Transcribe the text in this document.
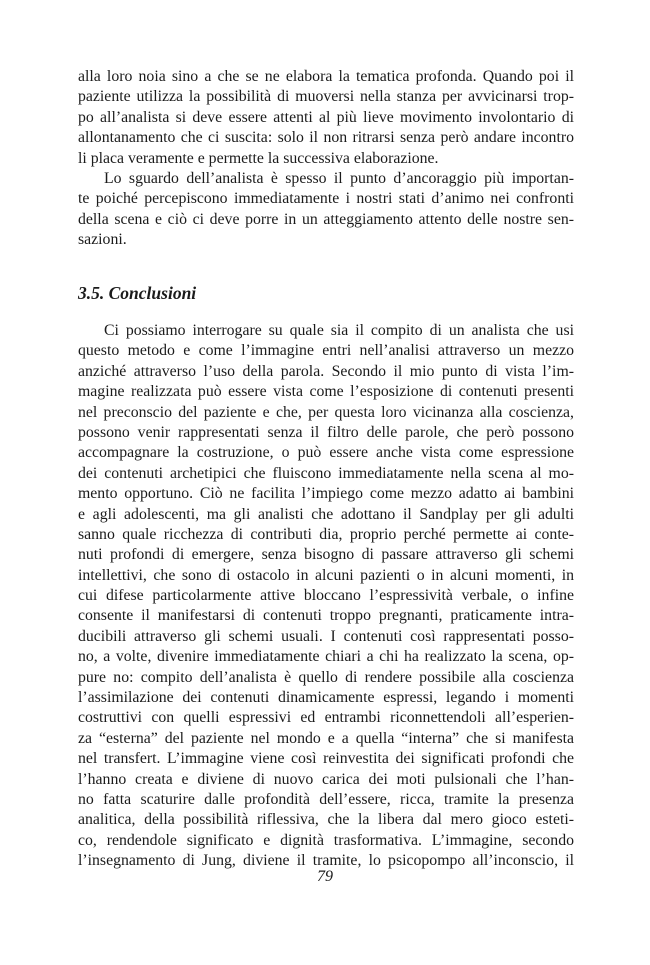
alla loro noia sino a che se ne elabora la tematica profonda. Quando poi il
paziente utilizza la possibilità di muoversi nella stanza per avvicinarsi trop-
po all’analista si deve essere attenti al più lieve movimento involontario di
allontanamento che ci suscita: solo il non ritrarsi senza però andare incontro
li placa veramente e permette la successiva elaborazione.
Lo sguardo dell’analista è spesso il punto d’ancoraggio più importan-
te poiché percepiscono immediatamente i nostri stati d’animo nei confronti
della scena e ciò ci deve porre in un atteggiamento attento delle nostre sen-
sazioni.
3.5. Conclusioni
Ci possiamo interrogare su quale sia il compito di un analista che usi
questo metodo e come l’immagine entri nell’analisi attraverso un mezzo
anziché attraverso l’uso della parola. Secondo il mio punto di vista l’im-
magine realizzata può essere vista come l’esposizione di contenuti presenti
nel preconscio del paziente e che, per questa loro vicinanza alla coscienza,
possono venir rappresentati senza il filtro delle parole, che però possono
accompagnare la costruzione, o può essere anche vista come espressione
dei contenuti archetipici che fluiscono immediatamente nella scena al mo-
mento opportuno. Ciò ne facilita l’impiego come mezzo adatto ai bambini
e agli adolescenti, ma gli analisti che adottano il Sandplay per gli adulti
sanno quale ricchezza di contributi dia, proprio perché permette ai conte-
nuti profondi di emergere, senza bisogno di passare attraverso gli schemi
intellettivi, che sono di ostacolo in alcuni pazienti o in alcuni momenti, in
cui difese particolarmente attive bloccano l’espressività verbale, o infine
consente il manifestarsi di contenuti troppo pregnanti, praticamente intra-
ducibili attraverso gli schemi usuali. I contenuti così rappresentati posso-
no, a volte, divenire immediatamente chiari a chi ha realizzato la scena, op-
pure no: compito dell’analista è quello di rendere possibile alla coscienza
l’assimilazione dei contenuti dinamicamente espressi, legando i momenti
costruttivi con quelli espressivi ed entrambi riconnettendoli all’esperien-
za “esterna” del paziente nel mondo e a quella “interna” che si manifesta
nel transfert. L’immagine viene così reinvestita dei significati profondi che
l’hanno creata e diviene di nuovo carica dei moti pulsionali che l’han-
no fatta scaturire dalle profondità dell’essere, ricca, tramite la presenza
analitica, della possibilità riflessiva, che la libera dal mero gioco esteti-
co, rendendole significato e dignità trasformativa. L’immagine, secondo
l’insegnamento di Jung, diviene il tramite, lo psicopompo all’inconscio, il
79
